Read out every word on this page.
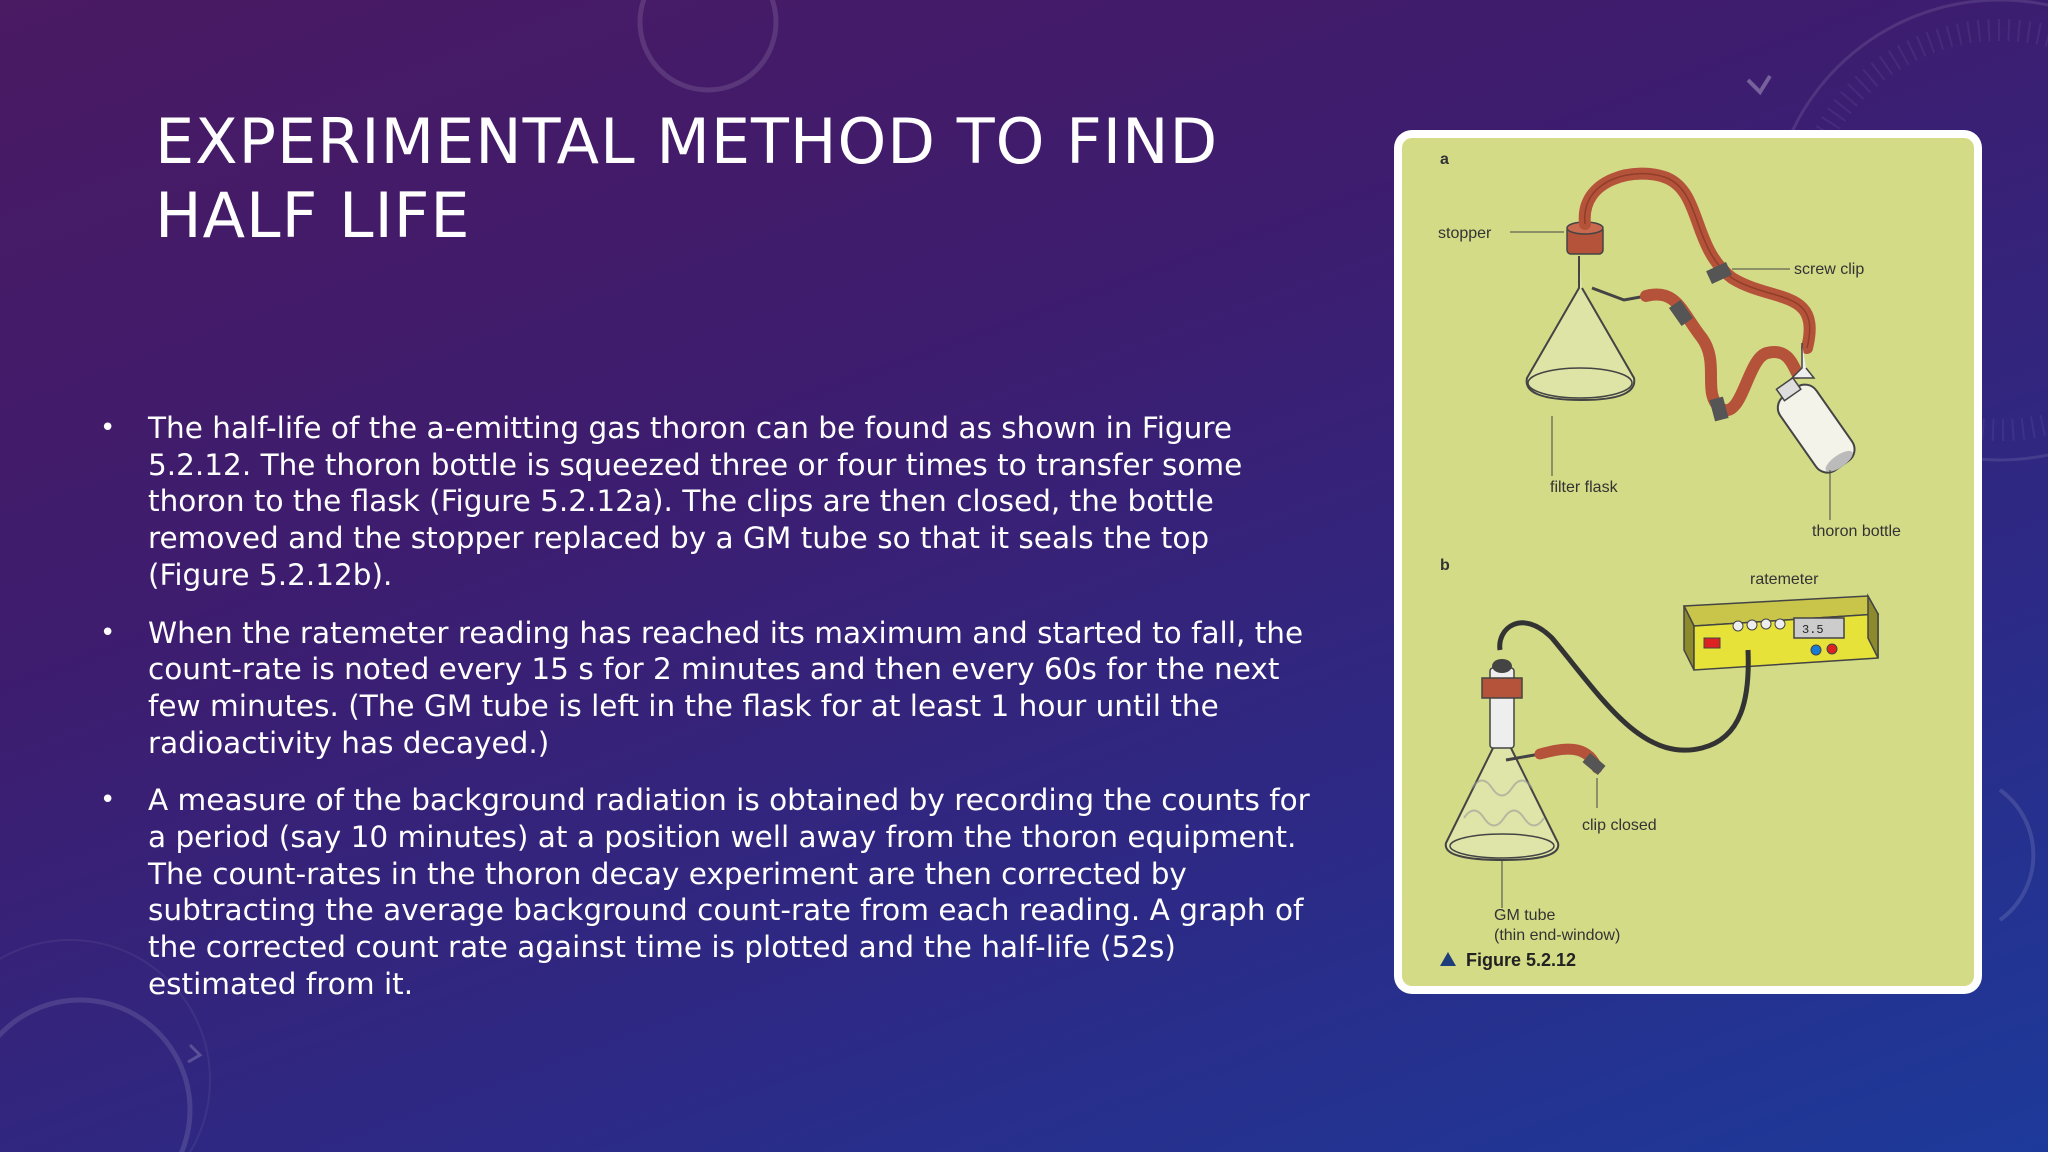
EXPERIMENTAL METHOD TO FIND HALF LIFE
• The half-life of the a-emitting gas thoron can be found as shown in Figure 5.2.12. The thoron bottle is squeezed three or four times to transfer some thoron to the flask (Figure 5.2.12a). The clips are then closed, the bottle removed and the stopper replaced by a GM tube so that it seals the top (Figure 5.2.12b).
• When the ratemeter reading has reached its maximum and started to fall, the count-rate is noted every 15 s for 2 minutes and then every 60s for the next few minutes. (The GM tube is left in the flask for at least 1 hour until the radioactivity has decayed.)
• A measure of the background radiation is obtained by recording the counts for a period (say 10 minutes) at a position well away from the thoron equipment. The count-rates in the thoron decay experiment are then corrected by subtracting the average background count-rate from each reading. A graph of the corrected count rate against time is plotted and the half-life (52s) estimated from it.
a
stopper
screw clip
filter flask
thoron bottle
b
ratemeter
3.5
clip closed
GM tube
(thin end-window)
Figure 5.2.12
